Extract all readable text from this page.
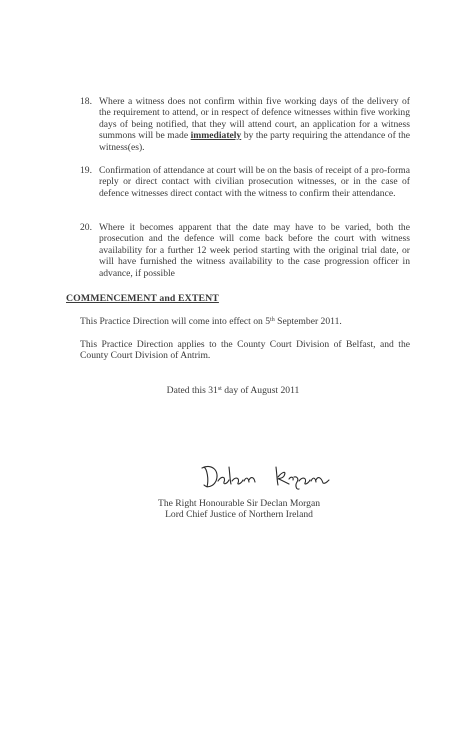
18. Where a witness does not confirm within five working days of the delivery of the requirement to attend, or in respect of defence witnesses within five working days of being notified, that they will attend court, an application for a witness summons will be made immediately by the party requiring the attendance of the witness(es).
19. Confirmation of attendance at court will be on the basis of receipt of a pro-forma reply or direct contact with civilian prosecution witnesses, or in the case of defence witnesses direct contact with the witness to confirm their attendance.
20. Where it becomes apparent that the date may have to be varied, both the prosecution and the defence will come back before the court with witness availability for a further 12 week period starting with the original trial date, or will have furnished the witness availability to the case progression officer in advance, if possible
COMMENCEMENT and EXTENT
This Practice Direction will come into effect on 5th September 2011.
This Practice Direction applies to the County Court Division of Belfast, and the County Court Division of Antrim.
Dated this 31st day of August 2011
The Right Honourable Sir Declan Morgan
Lord Chief Justice of Northern Ireland
